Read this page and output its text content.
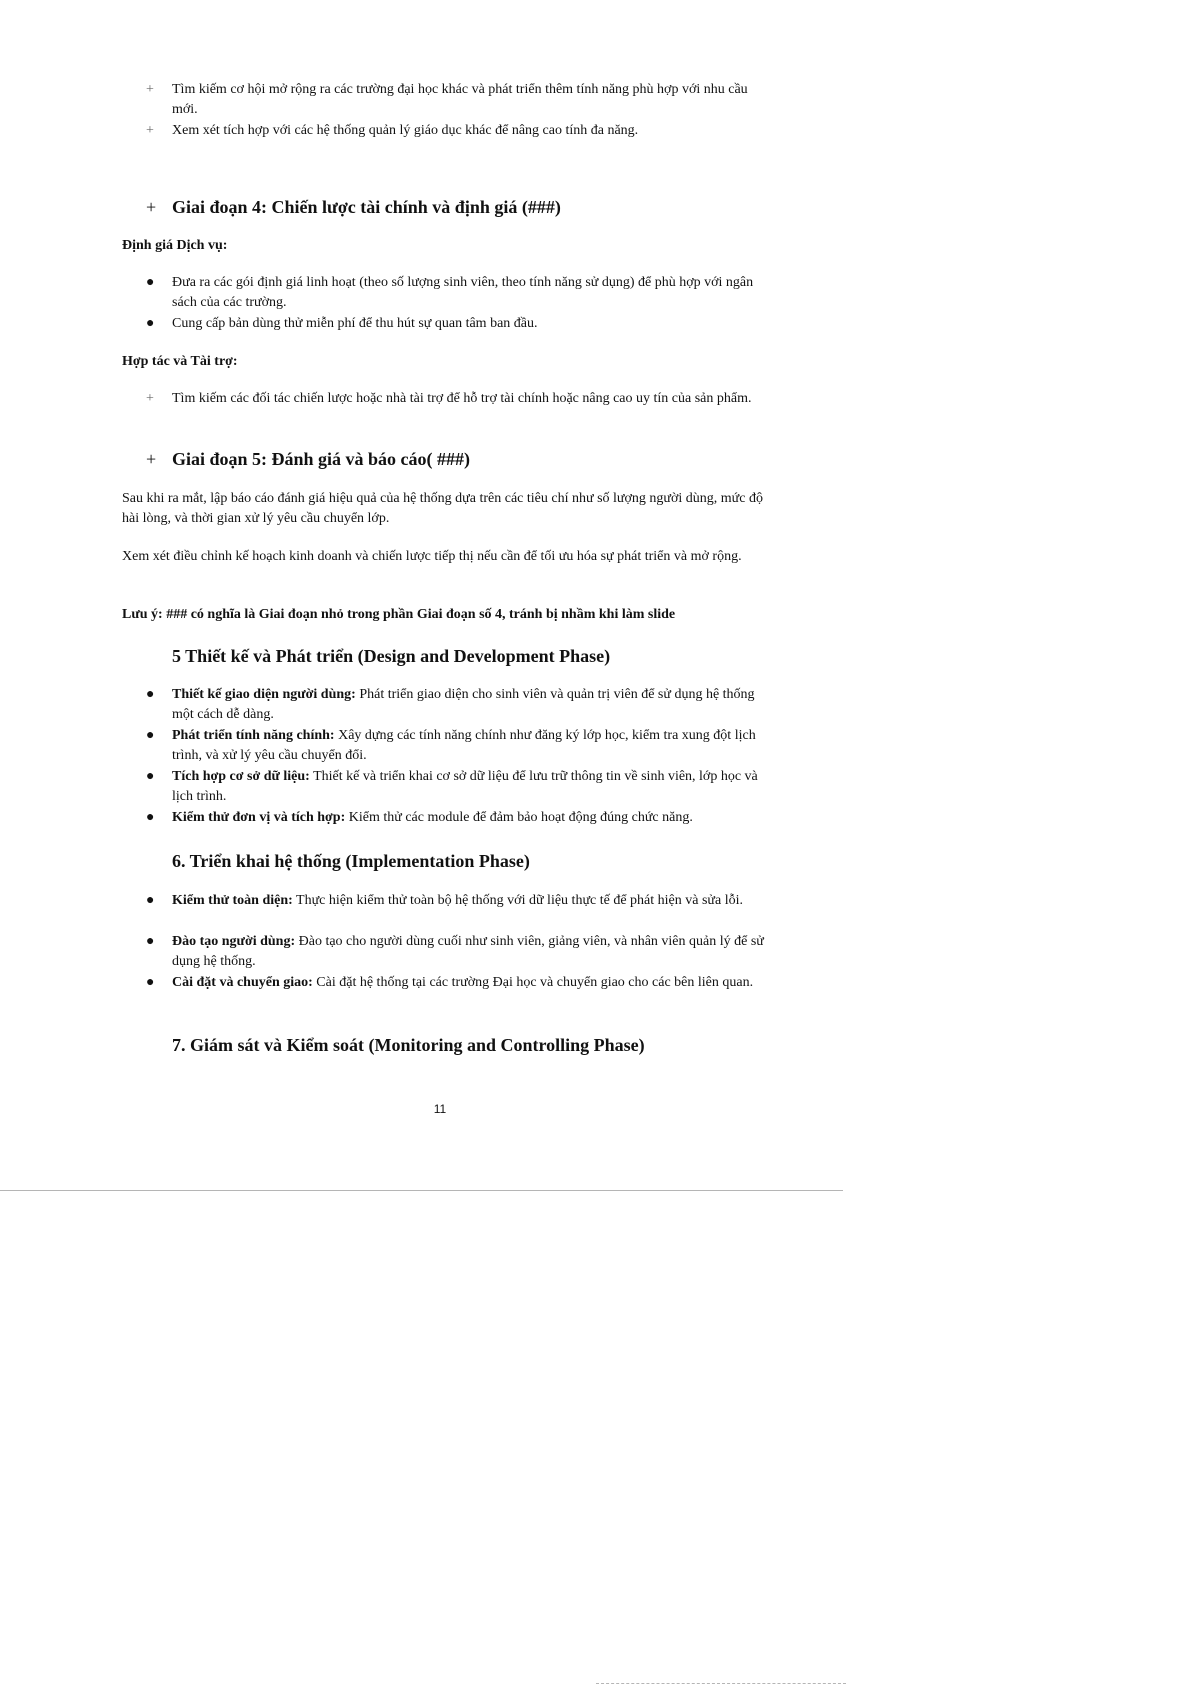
+	Tìm kiếm cơ hội mở rộng ra các trường đại học khác và phát triển thêm tính năng phù hợp với nhu cầu mới.
+	Xem xét tích hợp với các hệ thống quản lý giáo dục khác để nâng cao tính đa năng.
+ Giai đoạn 4: Chiến lược tài chính và định giá (###)

Định giá Dịch vụ:

●	Đưa ra các gói định giá linh hoạt (theo số lượng sinh viên, theo tính năng sử dụng) để phù hợp với ngân sách của các trường.
●	Cung cấp bản dùng thử miễn phí để thu hút sự quan tâm ban đầu.

Hợp tác và Tài trợ:

+	Tìm kiếm các đối tác chiến lược hoặc nhà tài trợ để hỗ trợ tài chính hoặc nâng cao uy tín của sản phẩm.
+ Giai đoạn 5: Đánh giá và báo cáo( ###)

Sau khi ra mắt, lập báo cáo đánh giá hiệu quả của hệ thống dựa trên các tiêu chí như số lượng người dùng, mức độ hài lòng, và thời gian xử lý yêu cầu chuyển lớp.

Xem xét điều chỉnh kế hoạch kinh doanh và chiến lược tiếp thị nếu cần để tối ưu hóa sự phát triển và mở rộng.

Lưu ý: ### có nghĩa là Giai đoạn nhỏ trong phần Giai đoạn số 4, tránh bị nhầm khi làm slide

5 Thiết kế và Phát triển (Design and Development Phase)
●	Thiết kế giao diện người dùng: Phát triển giao diện cho sinh viên và quản trị viên để sử dụng hệ thống một cách dễ dàng.
●	Phát triển tính năng chính: Xây dựng các tính năng chính như đăng ký lớp học, kiểm tra xung đột lịch trình, và xử lý yêu cầu chuyển đổi.
●	Tích hợp cơ sở dữ liệu: Thiết kế và triển khai cơ sở dữ liệu để lưu trữ thông tin về sinh viên, lớp học và lịch trình.
●	Kiểm thử đơn vị và tích hợp: Kiểm thử các module để đảm bảo hoạt động đúng chức năng.
6. Triển khai hệ thống (Implementation Phase)
●	Kiểm thử toàn diện: Thực hiện kiểm thử toàn bộ hệ thống với dữ liệu thực tế để phát hiện và sửa lỗi.
●	Đào tạo người dùng: Đào tạo cho người dùng cuối như sinh viên, giảng viên, và nhân viên quản lý để sử dụng hệ thống.
●	Cài đặt và chuyển giao: Cài đặt hệ thống tại các trường Đại học và chuyển giao cho các bên liên quan.
7. Giám sát và Kiểm soát (Monitoring and Controlling Phase)
11
